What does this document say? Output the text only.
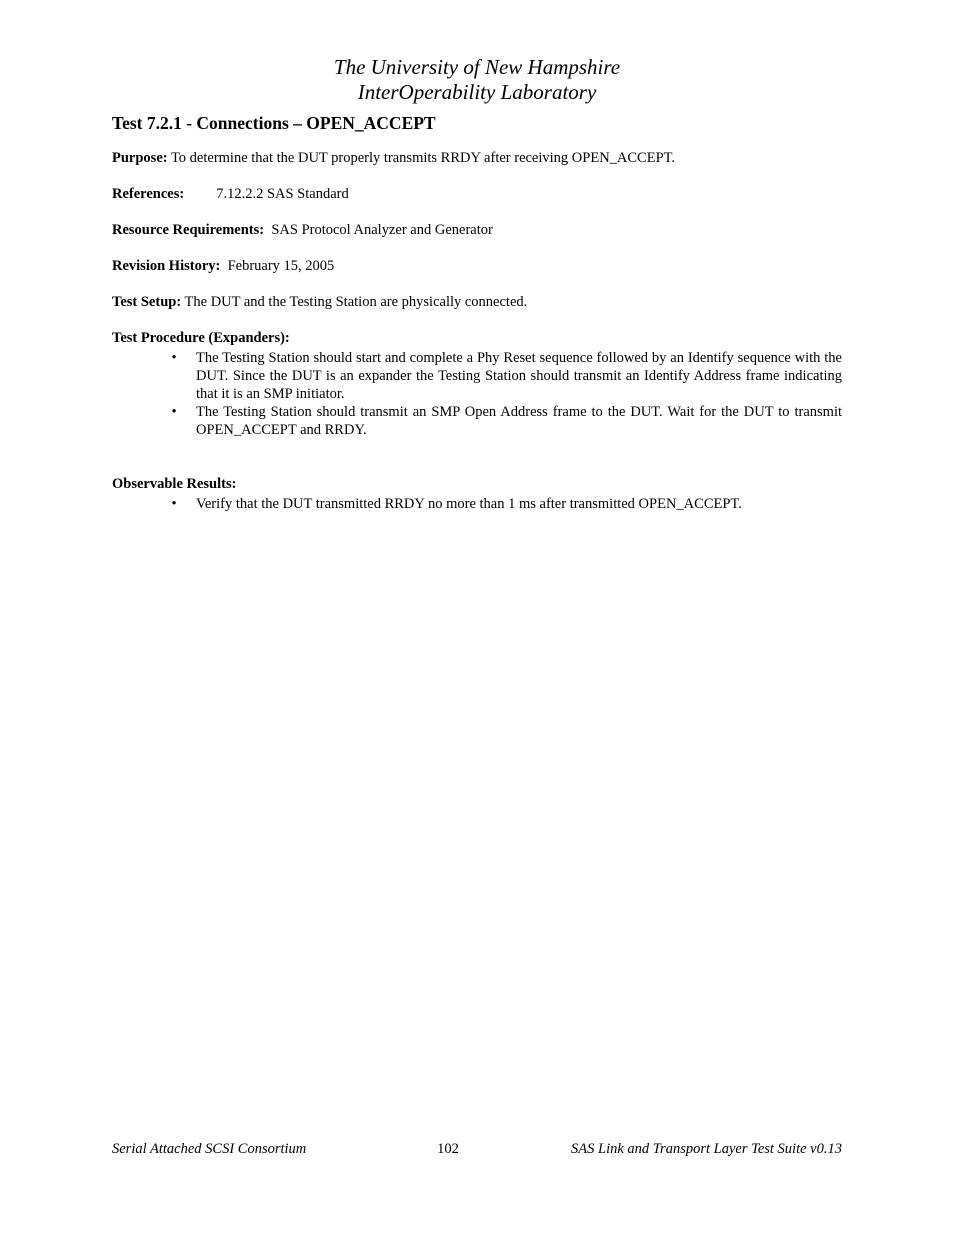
The University of New Hampshire
InterOperability Laboratory
Test 7.2.1 - Connections – OPEN_ACCEPT
Purpose: To determine that the DUT properly transmits RRDY after receiving OPEN_ACCEPT.
References: 7.12.2.2 SAS Standard
Resource Requirements:  SAS Protocol Analyzer and Generator
Revision History:  February 15, 2005
Test Setup: The DUT and the Testing Station are physically connected.
Test Procedure (Expanders):
• The Testing Station should start and complete a Phy Reset sequence followed by an Identify sequence with the DUT. Since the DUT is an expander the Testing Station should transmit an Identify Address frame indicating that it is an SMP initiator.
• The Testing Station should transmit an SMP Open Address frame to the DUT. Wait for the DUT to transmit OPEN_ACCEPT and RRDY.
Observable Results:
• Verify that the DUT transmitted RRDY no more than 1 ms after transmitted OPEN_ACCEPT.
Serial Attached SCSI Consortium	102	SAS Link and Transport Layer Test Suite v0.13
